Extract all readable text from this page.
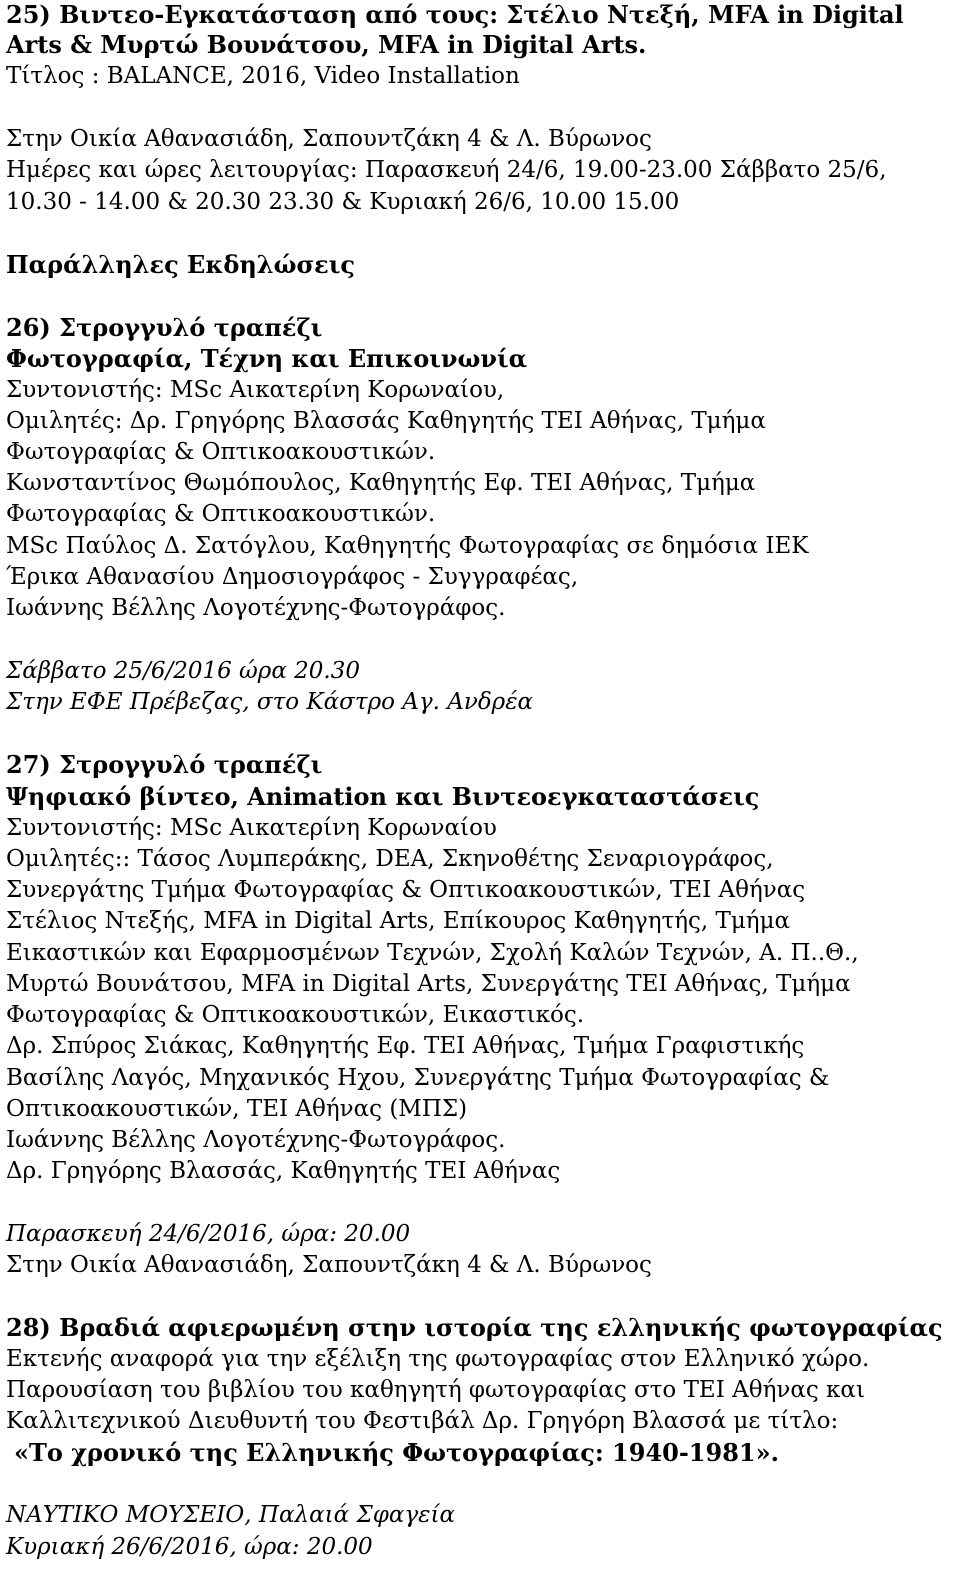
25) Βιντεο-Εγκατάσταση από τους: Στέλιο Ντεξή, MFA in Digital
Arts & Μυρτώ Βουνάτσου, MFA in Digital Arts.
Τίτλος : BALANCE, 2016, Video Installation
Στην Οικία Αθανασιάδη, Σαπουντζάκη 4 & Λ. Βύρωνος
Ημέρες και ώρες λειτουργίας: Παρασκευή 24/6, 19.00-23.00 Σάββατο 25/6,
10.30 - 14.00 & 20.30 23.30 & Κυριακή 26/6, 10.00 15.00
Παράλληλες Εκδηλώσεις
26) Στρογγυλό τραπέζι
Φωτογραφία, Τέχνη και Επικοινωνία
Συντονιστής: MSc Αικατερίνη Κορωναίου,
Ομιλητές: Δρ. Γρηγόρης Βλασσάς Καθηγητής ΤΕΙ Αθήνας, Τμήμα
Φωτογραφίας & Οπτικοακουστικών.
Κωνσταντίνος Θωμόπουλος, Καθηγητής Εφ. ΤΕΙ Αθήνας, Τμήμα
Φωτογραφίας & Οπτικοακουστικών.
MSc Παύλος Δ. Σατόγλου, Καθηγητής Φωτογραφίας σε δημόσια ΙΕΚ
Έρικα Αθανασίου Δημοσιογράφος - Συγγραφέας,
Ιωάννης Βέλλης Λογοτέχνης-Φωτογράφος.
Σάββατο 25/6/2016 ώρα 20.30
Στην ΕΦΕ Πρέβεζας, στο Κάστρο Αγ. Ανδρέα
27) Στρογγυλό τραπέζι
Ψηφιακό βίντεο, Animation και Βιντεοεγκαταστάσεις
Συντονιστής: MSc Αικατερίνη Κορωναίου
Ομιλητές:: Τάσος Λυμπεράκης, DEA, Σκηνοθέτης Σεναριογράφος,
Συνεργάτης Τμήμα Φωτογραφίας & Οπτικοακουστικών, ΤΕΙ Αθήνας
Στέλιος Ντεξής, MFA in Digital Arts, Επίκουρος Καθηγητής, Τμήμα
Εικαστικών και Εφαρμοσμένων Τεχνών, Σχολή Καλών Τεχνών, Α. Π..Θ.,
Μυρτώ Βουνάτσου, MFA in Digital Arts, Συνεργάτης ΤΕΙ Αθήνας, Τμήμα
Φωτογραφίας & Οπτικοακουστικών, Εικαστικός.
Δρ. Σπύρος Σιάκας, Καθηγητής Εφ. ΤΕΙ Αθήνας, Τμήμα Γραφιστικής
Βασίλης Λαγός, Μηχανικός Ηχου, Συνεργάτης Τμήμα Φωτογραφίας &
Οπτικοακουστικών, ΤΕΙ Αθήνας (ΜΠΣ)
Ιωάννης Βέλλης Λογοτέχνης-Φωτογράφος.
Δρ. Γρηγόρης Βλασσάς, Καθηγητής ΤΕΙ Αθήνας
Παρασκευή 24/6/2016, ώρα: 20.00
Στην Οικία Αθανασιάδη, Σαπουντζάκη 4 & Λ. Βύρωνος
28) Βραδιά αφιερωμένη στην ιστορία της ελληνικής φωτογραφίας
Εκτενής αναφορά για την εξέλιξη της φωτογραφίας στον Ελληνικό χώρο.
Παρουσίαση του βιβλίου του καθηγητή φωτογραφίας στο ΤΕΙ Αθήνας και
Καλλιτεχνικού Διευθυντή του Φεστιβάλ Δρ. Γρηγόρη Βλασσά με τίτλο:
«Το χρονικό της Ελληνικής Φωτογραφίας: 1940-1981».
ΝΑΥΤΙΚΟ ΜΟΥΣΕΙΟ, Παλαιά Σφαγεία
Κυριακή 26/6/2016, ώρα: 20.00
